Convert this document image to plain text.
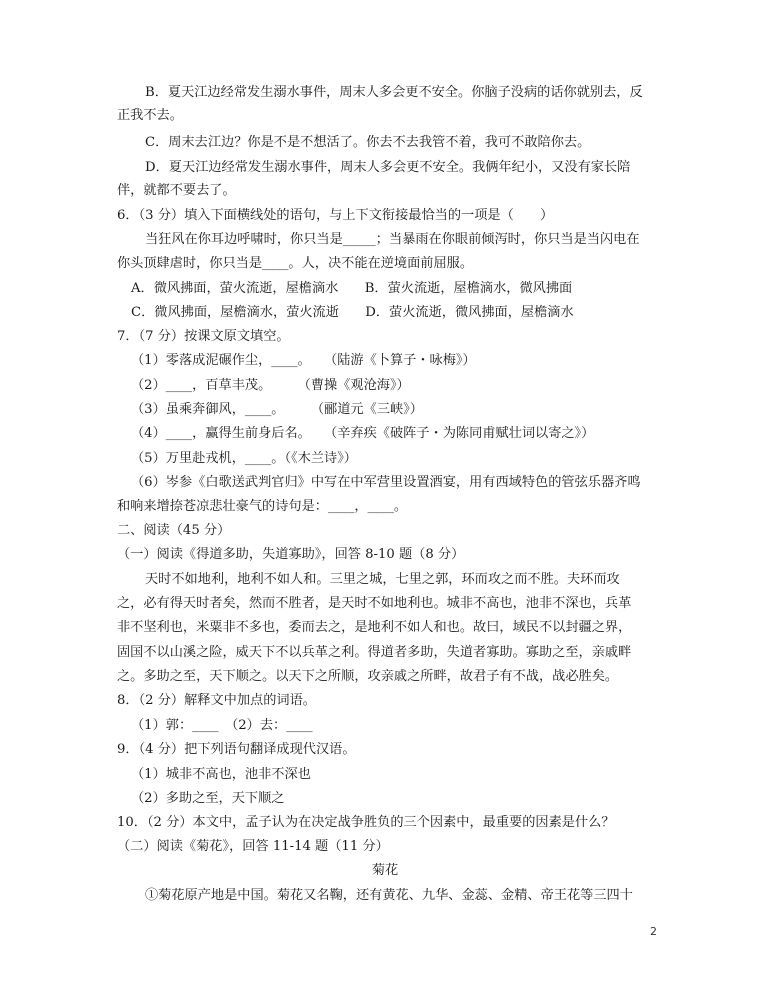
B．夏天江边经常发生溺水事件，周末人多会更不安全。你脑子没病的话你就别去，反
正我不去。
C．周末去江边？你是不是不想活了。你去不去我管不着，我可不敢陪你去。
D．夏天江边经常发生溺水事件，周末人多会更不安全。我俩年纪小，又没有家长陪
伴，就都不要去了。
6．（3 分）填入下面横线处的语句，与上下文衔接最恰当的一项是（　　）
当狂风在你耳边呼啸时，你只当是_____；当暴雨在你眼前倾泻时，你只当是当闪电在
你头顶肆虐时，你只当是____。人，决不能在逆境面前屈服。
A．微风拂面，萤火流逝，屋檐滴水　　B．萤火流逝，屋檐滴水，微风拂面
C．微风拂面，屋檐滴水，萤火流逝　　D．萤火流逝，微风拂面，屋檐滴水
7．（7 分）按课文原文填空。
（1）零落成泥碾作尘，____。　　（陆游《卜算子・咏梅》）
（2）____，百草丰茂。　　　（曹操《观沧海》）
（3）虽乘奔御风，____。　　　（郦道元《三峡》）
（4）____，赢得生前身后名。　　（辛弃疾《破阵子・为陈同甫赋壮词以寄之》）
（5）万里赴戎机，____。（《木兰诗》）
（6）岑参《白歌送武判官归》中写在中军营里设置酒宴，用有西域特色的管弦乐器齐鸣
和响来增捺苍凉悲壮豪气的诗句是：____，____。
二、阅读（45 分）
（一）阅读《得道多助，失道寡助》，回答 8-10 题（8 分）
天时不如地利，地利不如人和。三里之城，七里之郭，环而攻之而不胜。夫环而攻
之，必有得天时者矣，然而不胜者，是天时不如地利也。城非不高也，池非不深也，兵革
非不坚利也，米粟非不多也，委而去之，是地利不如人和也。故曰，域民不以封疆之界，
固国不以山溪之险，威天下不以兵革之利。得道者多助，失道者寡助。寡助之至，亲戚畔
之。多助之至，天下顺之。以天下之所顺，攻亲戚之所畔，故君子有不战，战必胜矣。
8．（2 分）解释文中加点的词语。
（1）郭：____　（2）去：____
9．（4 分）把下列语句翻译成现代汉语。
（1）城非不高也，池非不深也
（2）多助之至，天下顺之
10．（2 分）本文中，孟子认为在决定战争胜负的三个因素中，最重要的因素是什么？
（二）阅读《菊花》，回答 11-14 题（11 分）
菊花
①菊花原产地是中国。菊花又名鞠，还有黄花、九华、金蕊、金精、帝王花等三四十
2
